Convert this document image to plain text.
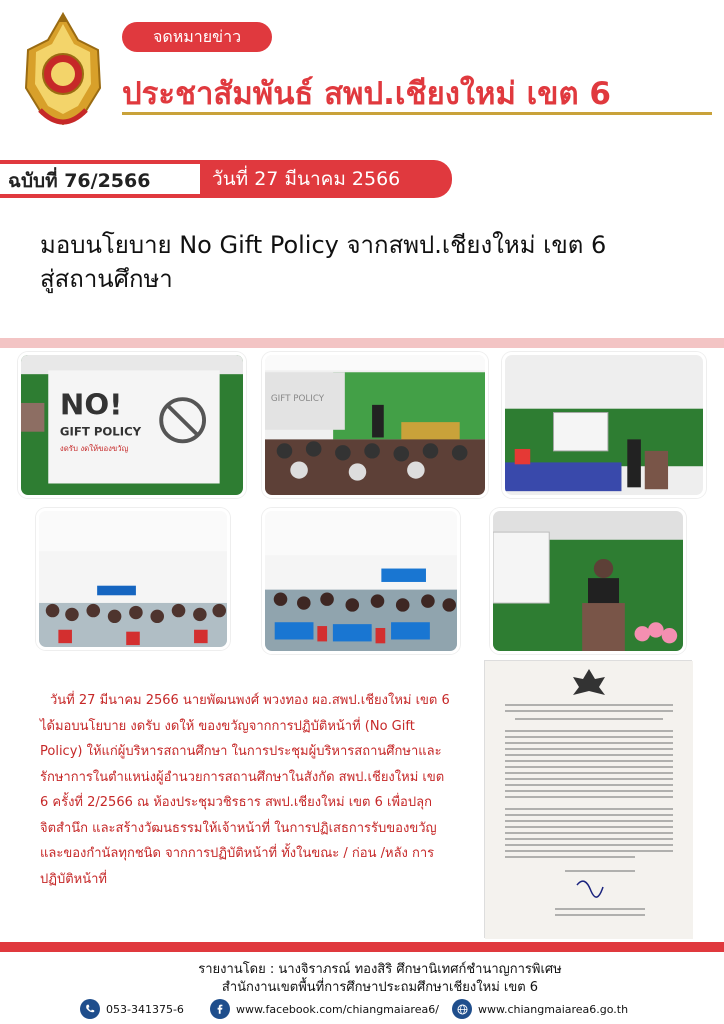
จดหมายข่าว
ประชาสัมพันธ์ สพป.เชียงใหม่ เขต 6
ฉบับที่ 76/2566	วันที่ 27 มีนาคม 2566
มอบนโยบาย No Gift Policy จากสพป.เชียงใหม่ เขต 6
สู่สถานศึกษา
NO!
GIFT POLICY
งดรับ งดให้ของขวัญ
GIFT POLICY
วันที่ 27 มีนาคม 2566 นายพัฒนพงศ์ พวงทอง ผอ.สพป.เชียงใหม่ เขต 6 ได้มอบนโยบาย งดรับ งดให้ ของขวัญจากการปฏิบัติหน้าที่ (No Gift Policy) ให้แก่ผู้บริหารสถานศึกษา ในการประชุมผู้บริหารสถานศึกษาและรักษาการในตำแหน่งผู้อำนวยการสถานศึกษาในสังกัด สพป.เชียงใหม่ เขต 6 ครั้งที่ 2/2566 ณ ห้องประชุมวชิรธาร สพป.เชียงใหม่ เขต 6 เพื่อปลุกจิตสำนึก และสร้างวัฒนธรรมให้เจ้าหน้าที่ ในการปฏิเสธการรับของขวัญและของกำนัลทุกชนิด จากการปฏิบัติหน้าที่ ทั้งในขณะ / ก่อน /หลัง การปฏิบัติหน้าที่
รายงานโดย : นางจิราภรณ์ ทองสิริ ศึกษานิเทศก์ชำนาญการพิเศษ
สำนักงานเขตพื้นที่การศึกษาประถมศึกษาเชียงใหม่ เขต 6
053-341375-6	www.facebook.com/chiangmaiarea6/	www.chiangmaiarea6.go.th
